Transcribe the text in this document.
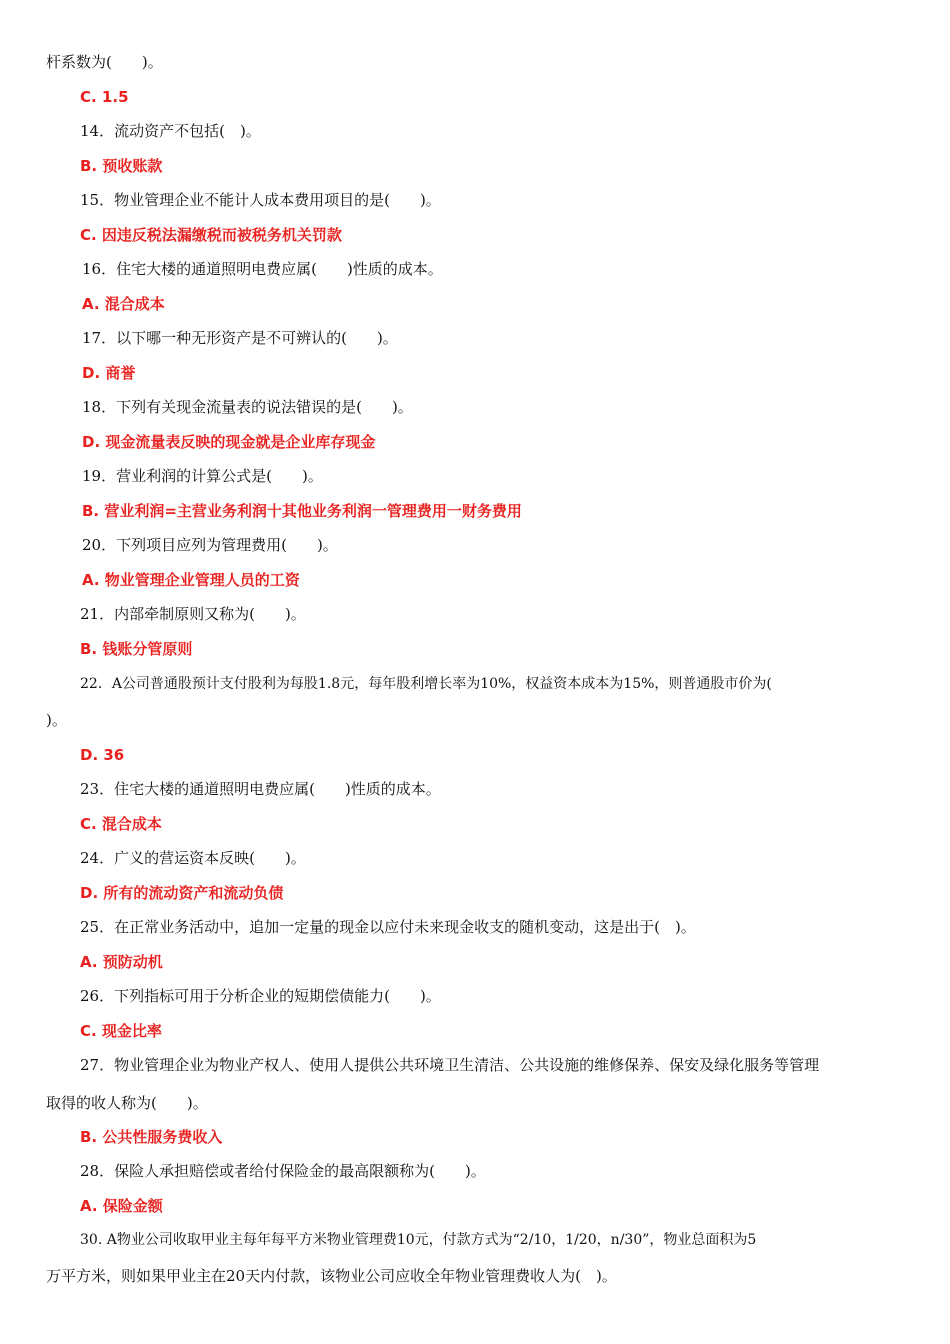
杆系数为(　　)。
C. 1.5
14．流动资产不包括(　)。
B. 预收账款
15．物业管理企业不能计人成本费用项目的是(　　)。
C. 因违反税法漏缴税而被税务机关罚款
16．住宅大楼的通道照明电费应属(　　)性质的成本。
A. 混合成本
17．以下哪一种无形资产是不可辨认的(　　)。
D. 商誉
18．下列有关现金流量表的说法错误的是(　　)。
D. 现金流量表反映的现金就是企业库存现金
19．营业利润的计算公式是(　　)。
B. 营业利润=主营业务利润十其他业务利润一管理费用一财务费用
20．下列项目应列为管理费用(　　)。
A. 物业管理企业管理人员的工资
21．内部牵制原则又称为(　　)。
B. 钱账分管原则
22．A公司普通股预计支付股利为每股1.8元，每年股利增长率为10%，权益资本成本为15%，则普通股市价为(
)。
D. 36
23．住宅大楼的通道照明电费应属(　　)性质的成本。
C. 混合成本
24．广义的营运资本反映(　　)。
D. 所有的流动资产和流动负债
25．在正常业务活动中，追加一定量的现金以应付未来现金收支的随机变动，这是出于(　)。
A. 预防动机
26．下列指标可用于分析企业的短期偿债能力(　　)。
C. 现金比率
27．物业管理企业为物业产权人、使用人提供公共环境卫生清洁、公共设施的维修保养、保安及绿化服务等管理
取得的收人称为(　　)。
B. 公共性服务费收入
28．保险人承担赔偿或者给付保险金的最高限额称为(　　)。
A. 保险金额
30. A物业公司收取甲业主每年每平方米物业管理费10元，付款方式为“2/10，1/20，n/30”，物业总面积为5
万平方米，则如果甲业主在20天内付款，该物业公司应收全年物业管理费收人为(　)。
